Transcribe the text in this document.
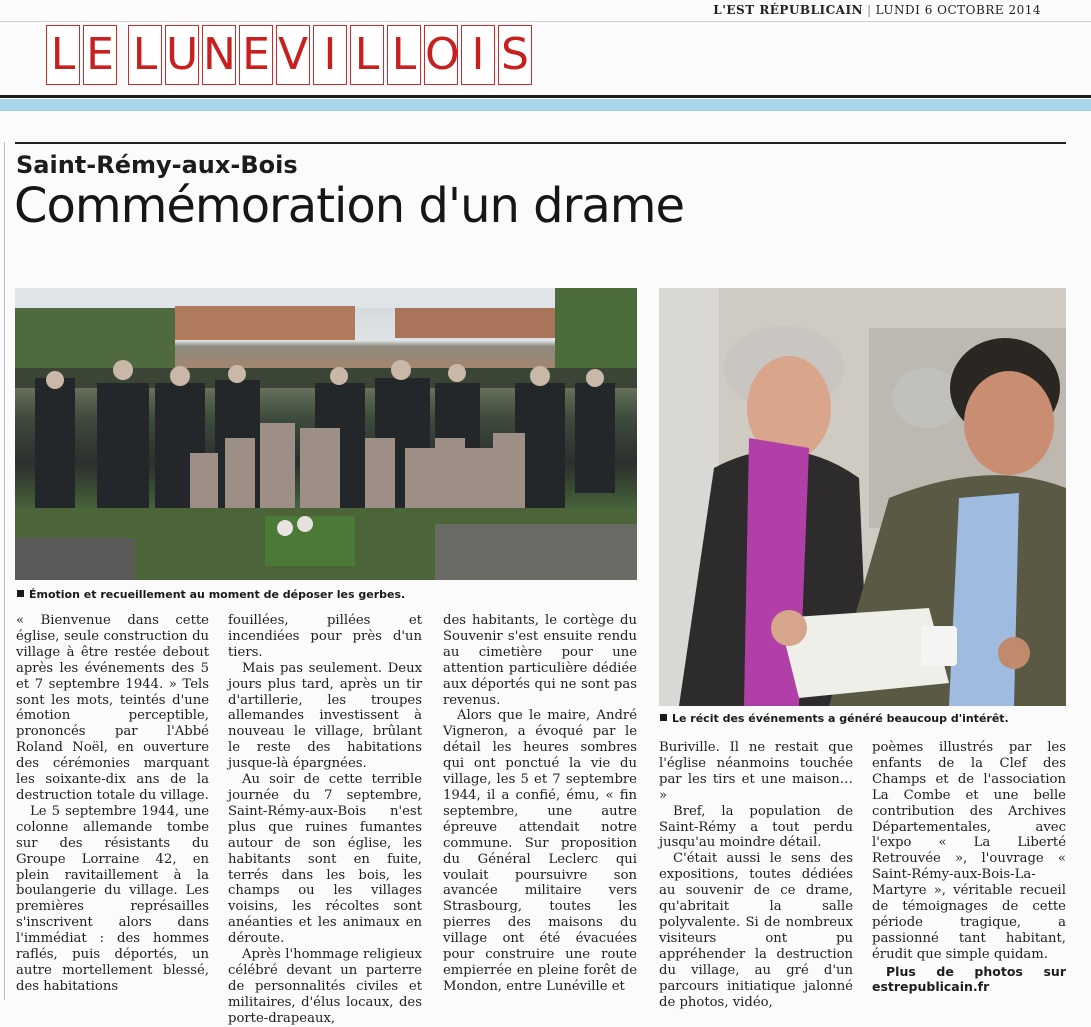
L'EST RÉPUBLICAIN | LUNDI 6 OCTOBRE 2014
L E L U N E V I L L O I S
Saint-Rémy-aux-Bois
Commémoration d'un drame
Émotion et recueillement au moment de déposer les gerbes.
Le récit des événements a généré beaucoup d'intérêt.

« Bienvenue dans cette église, seule construction du village à être restée debout après les événements des 5 et 7 septembre 1944. » Tels sont les mots, teintés d'une émotion perceptible, prononcés par l'Abbé Roland Noël, en ouverture des cérémonies marquant les soixante-dix ans de la destruction totale du village.

Le 5 septembre 1944, une colonne allemande tombe sur des résistants du Groupe Lorraine 42, en plein ravitaillement à la boulangerie du village. Les premières représailles s'inscrivent alors dans l'immédiat : des hommes raflés, puis déportés, un autre mortellement blessé, des habitations

fouillées, pillées et incendiées pour près d'un tiers.

Mais pas seulement. Deux jours plus tard, après un tir d'artillerie, les troupes allemandes investissent à nouveau le village, brûlant le reste des habitations jusque-là épargnées.

Au soir de cette terrible journée du 7 septembre, Saint-Rémy-aux-Bois n'est plus que ruines fumantes autour de son église, les habitants sont en fuite, terrés dans les bois, les champs ou les villages voisins, les récoltes sont anéanties et les animaux en déroute.

Après l'hommage religieux célébré devant un parterre de personnalités civiles et militaires, d'élus locaux, des porte-drapeaux,

des habitants, le cortège du Souvenir s'est ensuite rendu au cimetière pour une attention particulière dédiée aux déportés qui ne sont pas revenus.

Alors que le maire, André Vigneron, a évoqué par le détail les heures sombres qui ont ponctué la vie du village, les 5 et 7 septembre 1944, il a confié, ému, « fin septembre, une autre épreuve attendait notre commune. Sur proposition du Général Leclerc qui voulait poursuivre son avancée militaire vers Strasbourg, toutes les pierres des maisons du village ont été évacuées pour construire une route empierrée en pleine forêt de Mondon, entre Lunéville et

Buriville. Il ne restait que l'église néanmoins touchée par les tirs et une maison… »

Bref, la population de Saint-Rémy a tout perdu jusqu'au moindre détail.

C'était aussi le sens des expositions, toutes dédiées au souvenir de ce drame, qu'abritait la salle polyvalente. Si de nombreux visiteurs ont pu appréhender la destruction du village, au gré d'un parcours initiatique jalonné de photos, vidéo,

poèmes illustrés par les enfants de la Clef des Champs et de l'association La Combe et une belle contribution des Archives Départementales, avec l'expo « La Liberté Retrouvée », l'ouvrage « Saint-Rémy-aux-Bois-La-Martyre », véritable recueil de témoignages de cette période tragique, a passionné tant habitant, érudit que simple quidam.

Plus de photos sur estrepublicain.fr
